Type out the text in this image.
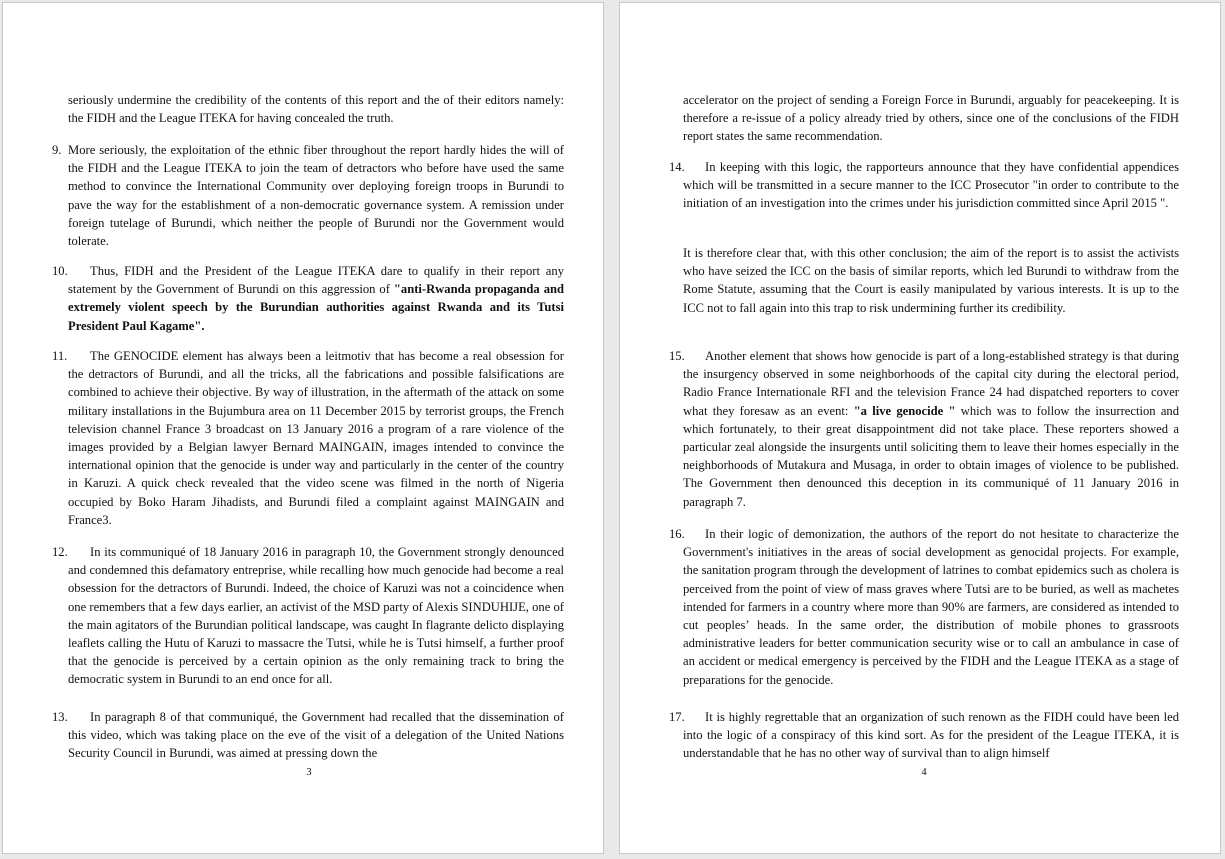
seriously undermine the credibility of the contents of this report and the of their editors namely: the FIDH and the League ITEKA for having concealed the truth.
9. More seriously, the exploitation of the ethnic fiber throughout the report hardly hides the will of the FIDH and the League ITEKA to join the team of detractors who before have used the same method to convince the International Community over deploying foreign troops in Burundi to pave the way for the establishment of a non-democratic governance system. A remission under foreign tutelage of Burundi, which neither the people of Burundi nor the Government would tolerate.
10.	Thus, FIDH and the President of the League ITEKA dare to qualify in their report any statement by the Government of Burundi on this aggression of "anti-Rwanda propaganda and extremely violent speech by the Burundian authorities against Rwanda and its Tutsi President Paul Kagame".
11.	The GENOCIDE element has always been a leitmotiv that has become a real obsession for the detractors of Burundi, and all the tricks, all the fabrications and possible falsifications are combined to achieve their objective. By way of illustration, in the aftermath of the attack on some military installations in the Bujumbura area on 11 December 2015 by terrorist groups, the French television channel France 3 broadcast on 13 January 2016 a program of a rare violence of the images provided by a Belgian lawyer Bernard MAINGAIN, images intended to convince the international opinion that the genocide is under way and particularly in the center of the country in Karuzi. A quick check revealed that the video scene was filmed in the north of Nigeria occupied by Boko Haram Jihadists, and Burundi filed a complaint against MAINGAIN and France3.
12.	In its communiqué of 18 January 2016 in paragraph 10, the Government strongly denounced and condemned this defamatory entreprise, while recalling how much genocide had become a real obsession for the detractors of Burundi. Indeed, the choice of Karuzi was not a coincidence when one remembers that a few days earlier, an activist of the MSD party of Alexis SINDUHIJE, one of the main agitators of the Burundian political landscape, was caught In flagrante delicto displaying leaflets calling the Hutu of Karuzi to massacre the Tutsi, while he is Tutsi himself, a further proof that the genocide is perceived by a certain opinion as the only remaining track to bring the democratic system in Burundi to an end once for all.
13.	In paragraph 8 of that communiqué, the Government had recalled that the dissemination of this video, which was taking place on the eve of the visit of a delegation of the United Nations Security Council in Burundi, was aimed at pressing down the
3
accelerator on the project of sending a Foreign Force in Burundi, arguably for peacekeeping. It is therefore a re-issue of a policy already tried by others, since one of the conclusions of the FIDH report states the same recommendation.
14.	In keeping with this logic, the rapporteurs announce that they have confidential appendices which will be transmitted in a secure manner to the ICC Prosecutor "in order to contribute to the initiation of an investigation into the crimes under his jurisdiction committed since April 2015 ".
It is therefore clear that, with this other conclusion; the aim of the report is to assist the activists who have seized the ICC on the basis of similar reports, which led Burundi to withdraw from the Rome Statute, assuming that the Court is easily manipulated by various interests. It is up to the ICC not to fall again into this trap to risk undermining further its credibility.
15.	Another element that shows how genocide is part of a long-established strategy is that during the insurgency observed in some neighborhoods of the capital city during the electoral period, Radio France Internationale RFI and the television France 24 had dispatched reporters to cover what they foresaw as an event: "a live genocide " which was to follow the insurrection and which fortunately, to their great disappointment did not take place. These reporters showed a particular zeal alongside the insurgents until soliciting them to leave their homes especially in the neighborhoods of Mutakura and Musaga, in order to obtain images of violence to be published. The Government then denounced this deception in its communiqué of 11 January 2016 in paragraph 7.
16.	In their logic of demonization, the authors of the report do not hesitate to characterize the Government's initiatives in the areas of social development as genocidal projects. For example, the sanitation program through the development of latrines to combat epidemics such as cholera is perceived from the point of view of mass graves where Tutsi are to be buried, as well as machetes intended for farmers in a country where more than 90% are farmers, are considered as intended to cut peoples’ heads. In the same order, the distribution of mobile phones to grassroots administrative leaders for better communication security wise or to call an ambulance in case of an accident or medical emergency is perceived by the FIDH and the League ITEKA as a stage of preparations for the genocide.
17.	It is highly regrettable that an organization of such renown as the FIDH could have been led into the logic of a conspiracy of this kind sort. As for the president of the League ITEKA, it is understandable that he has no other way of survival than to align himself
4
